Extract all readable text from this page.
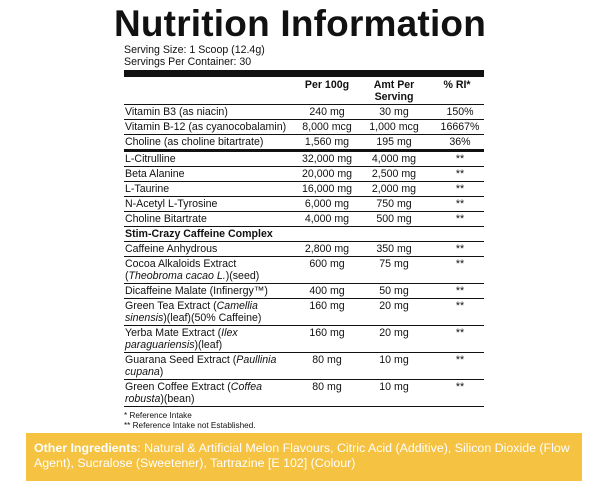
Nutrition Information
Serving Size: 1 Scoop (12.4g)
Servings Per Container: 30
	Per 100g	Amt Per Serving	% RI*
Vitamin B3 (as niacin)	240 mg	30 mg	150%
Vitamin B-12 (as cyanocobalamin)	8,000 mcg	1,000 mcg	16667%
Choline (as choline bitartrate)	1,560 mg	195 mg	36%
L-Citrulline	32,000 mg	4,000 mg	**
Beta Alanine	20,000 mg	2,500 mg	**
L-Taurine	16,000 mg	2,000 mg	**
N-Acetyl L-Tyrosine	6,000 mg	750 mg	**
Choline Bitartrate	4,000 mg	500 mg	**
Stim-Crazy Caffeine Complex			
Caffeine Anhydrous	2,800 mg	350 mg	**
Cocoa Alkaloids Extract (Theobroma cacao L.)(seed)	600 mg	75 mg	**
Dicaffeine Malate (Infinergy™)	400 mg	50 mg	**
Green Tea Extract (Camellia sinensis)(leaf)(50% Caffeine)	160 mg	20 mg	**
Yerba Mate Extract (Ilex paraguariensis)(leaf)	160 mg	20 mg	**
Guarana Seed Extract (Paullinia cupana)	80 mg	10 mg	**
Green Coffee Extract (Coffea robusta)(bean)	80 mg	10 mg	**
* Reference Intake
** Reference Intake not Established.
Other Ingredients: Natural & Artificial Melon Flavours, Citric Acid (Additive), Silicon Dioxide (Flow Agent), Sucralose (Sweetener), Tartrazine [E 102] (Colour)
